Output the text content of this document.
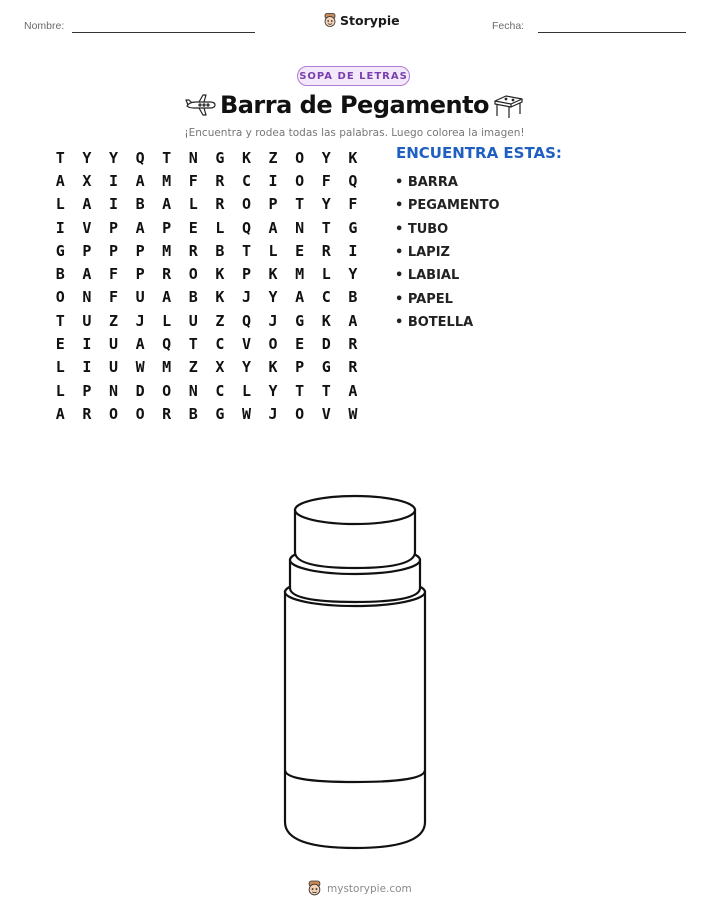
Nombre:	Storypie	Fecha:
SOPA DE LETRAS
Barra de Pegamento
¡Encuentra y rodea todas las palabras. Luego colorea la imagen!
T	Y	Y	Q	T	N	G	K	Z	O	Y	K
A	X	I	A	M	F	R	C	I	O	F	Q
L	A	I	B	A	L	R	O	P	T	Y	F
I	V	P	A	P	E	L	Q	A	N	T	G
G	P	P	P	M	R	B	T	L	E	R	I
B	A	F	P	R	O	K	P	K	M	L	Y
O	N	F	U	A	B	K	J	Y	A	C	B
T	U	Z	J	L	U	Z	Q	J	G	K	A
E	I	U	A	Q	T	C	V	O	E	D	R
L	I	U	W	M	Z	X	Y	K	P	G	R
L	P	N	D	O	N	C	L	Y	T	T	A
A	R	O	O	R	B	G	W	J	O	V	W
ENCUENTRA ESTAS:
• BARRA
• PEGAMENTO
• TUBO
• LAPIZ
• LABIAL
• PAPEL
• BOTELLA
mystorypie.com
